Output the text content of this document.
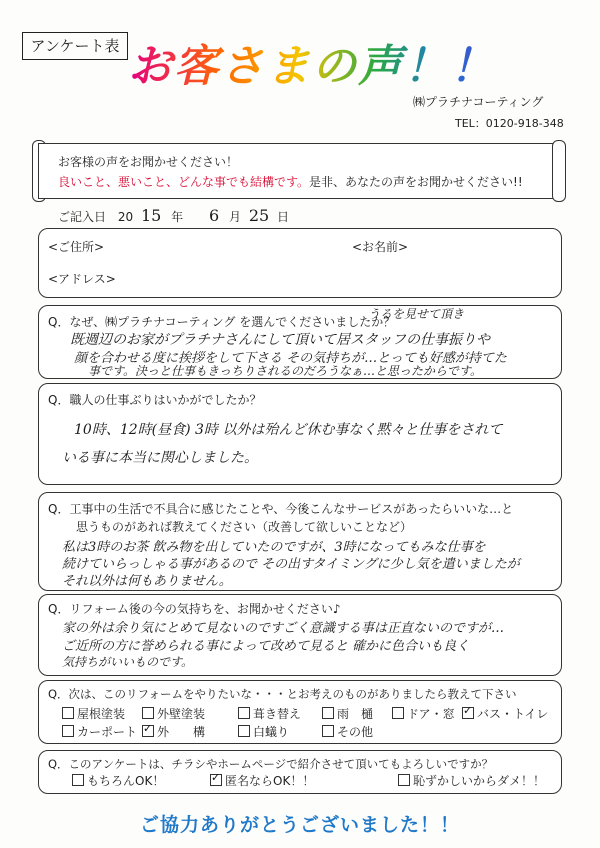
アンケート表 お客さまの声！！
㈱プラチナコーティング
TEL：0120-918-348
お客様の声をお聞かせください！
良いこと、悪いこと、どんな事でも結構です。是非、あなたの声をお聞かせください!!
ご記入日 20 15 年 6 月 25 日
<ご住所>	<お名前>
<アドレス>
Q．なぜ、㈱プラチナコーティング を選んでくださいましたか？
うるを見せて頂き
既週辺のお家がプラチナさんにして頂いて居スタッフの仕事振りや
顔を合わせる度に挨拶をして下さる その気持ちが…とっても好感が持てた
事です。決っと仕事もきっちりされるのだろうなぁ…と思ったからです。
Q．職人の仕事ぶりはいかがでしたか？
10時、12時(昼食) 3時 以外は殆んど休む事なく黙々と仕事をされて
いる事に本当に関心しました。
Q．工事中の生活で不具合に感じたことや、今後こんなサービスがあったらいいな…と
思うものがあれば教えてください（改善して欲しいことなど）
私は3時のお茶 飲み物を出していたのですが、3時になってもみな仕事を
続けていらっしゃる事があるので その出すタイミングに少し気を遣いましたが
それ以外は何もありません。
Q．リフォーム後の今の気持ちを、お聞かせください♪
家の外は余り気にとめて見ないのですごく意識する事は正直ないのですが…
ご近所の方に誉められる事によって改めて見ると 確かに色合いも良く
気持ちがいいものです。
Q．次は、このリフォームをやりたいな・・・とお考えのものがありましたら教えて下さい
屋根塗装	外壁塗装	葺き替え	雨　樋	ドア・窓 ✓	バス・トイレ
カーポート ✓	外　　構	白蟻り	その他
Q．このアンケートは、チラシやホームページで紹介させて頂いてもよろしいですか？
もちろんOK！ ✓	匿名ならOK！！	恥ずかしいからダメ！！
ご協力ありがとうございました！！
